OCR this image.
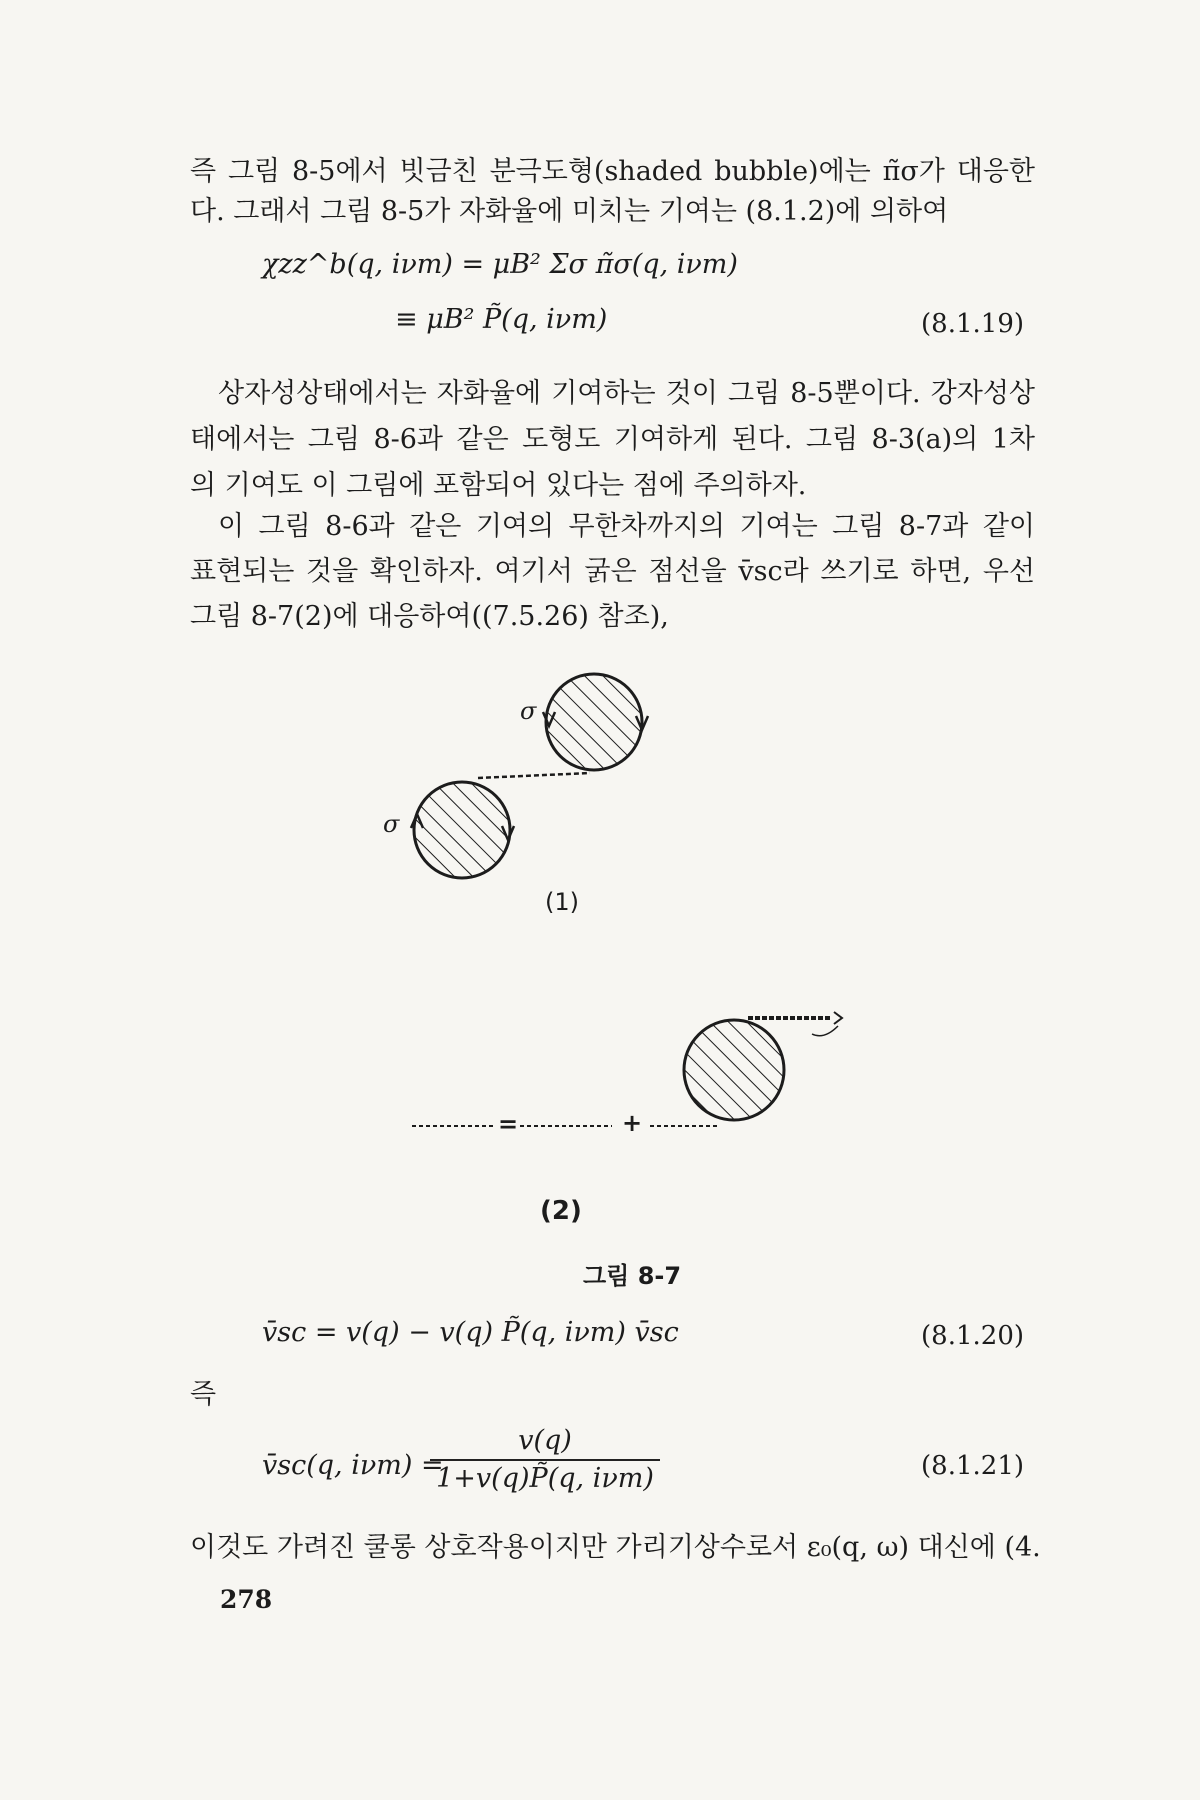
즉 그림 8-5에서 빗금친 분극도형(shaded bubble)에는 π̃σ가 대응한
다. 그래서 그림 8-5가 자화율에 미치는 기여는 (8.1.2)에 의하여
χzz^b(q, iνm) = μB² Σσ π̃σ(q, iνm)
≡ μB² P̃(q, iνm)	(8.1.19)
상자성상태에서는 자화율에 기여하는 것이 그림 8-5뿐이다. 강자성상
태에서는 그림 8-6과 같은 도형도 기여하게 된다. 그림 8-3(a)의 1차
의 기여도 이 그림에 포함되어 있다는 점에 주의하자.
이 그림 8-6과 같은 기여의 무한차까지의 기여는 그림 8-7과 같이
표현되는 것을 확인하자. 여기서 굵은 점선을 v̄sc라 쓰기로 하면, 우선
그림 8-7(2)에 대응하여((7.5.26) 참조),
σ
σ
(1)
=	+
(2)
그림 8-7
v̄sc = v(q) − v(q) P̃(q, iνm) v̄sc	(8.1.20)
즉
v̄sc(q, iνm) =
v(q)
1+v(q)P̃(q, iνm)	(8.1.21)
이것도 가려진 쿨롱 상호작용이지만 가리기상수로서 ε₀(q, ω) 대신에 (4.
278
